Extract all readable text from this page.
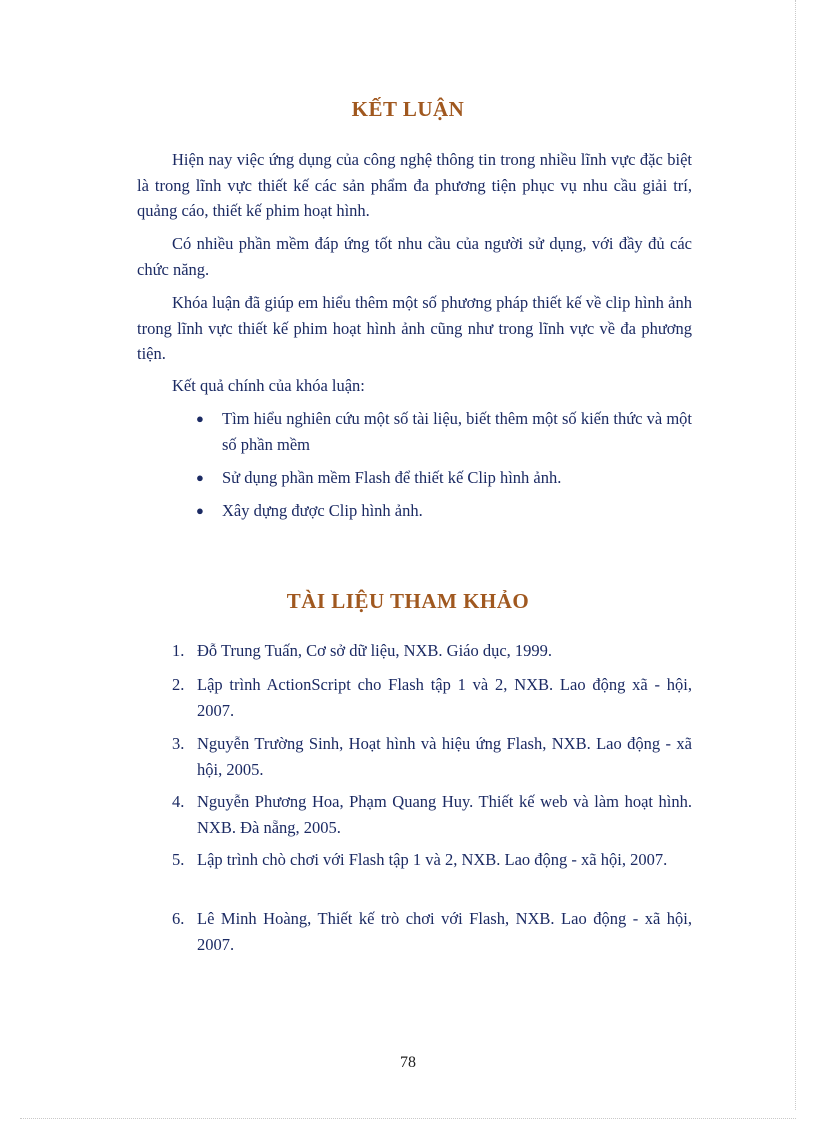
KẾT LUẬN

Hiện nay việc ứng dụng của công nghệ thông tin trong nhiều lĩnh vực đặc biệt là trong lĩnh vực thiết kế các sản phẩm đa phương tiện phục vụ nhu cầu giải trí, quảng cáo, thiết kế phim hoạt hình.

Có nhiều phần mềm đáp ứng tốt nhu cầu của người sử dụng, với đầy đủ các chức năng.

Khóa luận đã giúp em hiểu thêm một số phương pháp thiết kế về clip hình ảnh trong lĩnh vực thiết kế phim hoạt hình ảnh cũng như trong lĩnh vực về đa phương tiện.

Kết quả chính của khóa luận:
●	Tìm hiểu nghiên cứu một số tài liệu, biết thêm một số kiến thức và một số phần mềm
●	Sử dụng phần mềm Flash để thiết kế Clip hình ảnh.
●	Xây dựng được Clip hình ảnh.
TÀI LIỆU THAM KHẢO
1. Đỗ Trung Tuấn, Cơ sở dữ liệu, NXB. Giáo dục, 1999.
2. Lập trình ActionScript cho Flash tập 1 và 2, NXB. Lao động xã - hội, 2007.
3. Nguyễn Trường Sinh, Hoạt hình và hiệu ứng Flash, NXB. Lao động - xã hội, 2005.
4. Nguyễn Phương Hoa, Phạm Quang Huy. Thiết kế web và làm hoạt hình. NXB. Đà nẵng, 2005.
5. Lập trình chò chơi với Flash tập 1 và 2, NXB. Lao động - xã hội, 2007.
6. Lê Minh Hoàng, Thiết kế trò chơi với Flash, NXB. Lao động - xã hội, 2007.
78
